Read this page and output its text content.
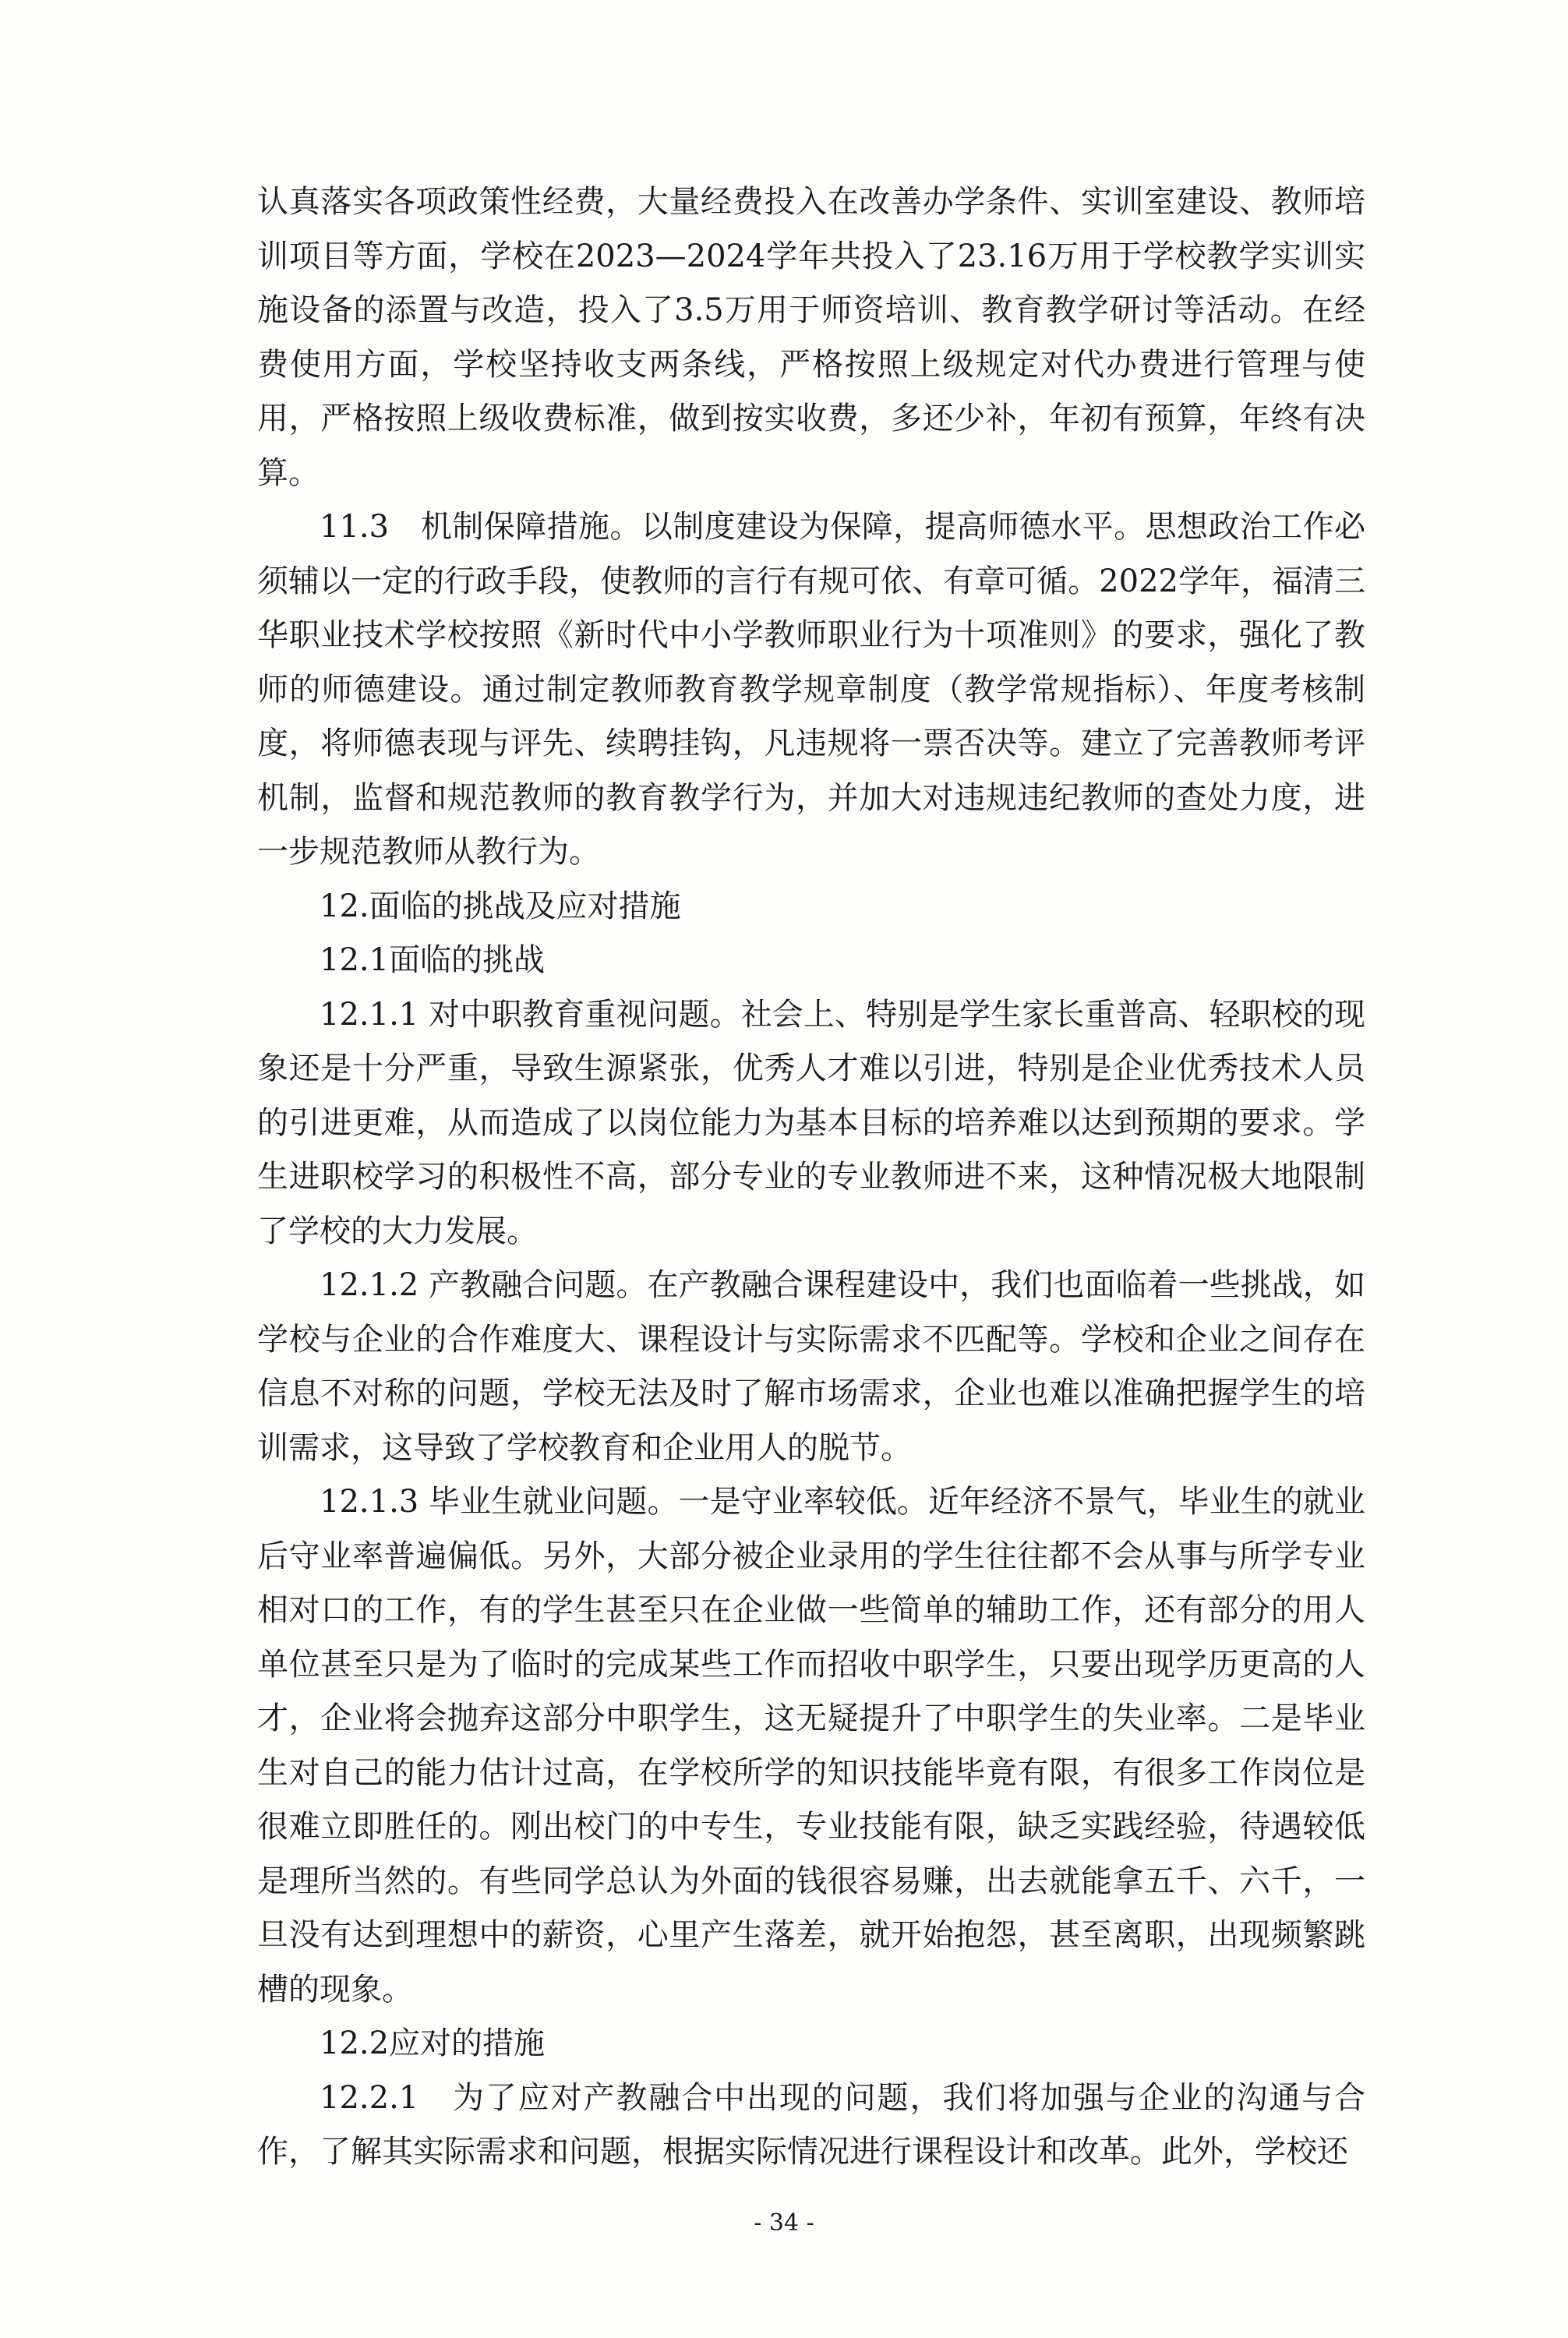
认真落实各项政策性经费，大量经费投入在改善办学条件、实训室建设、教师培训项目等方面，学校在2023—2024学年共投入了23.16万用于学校教学实训实施设备的添置与改造，投入了3.5万用于师资培训、教育教学研讨等活动。在经费使用方面，学校坚持收支两条线，严格按照上级规定对代办费进行管理与使用，严格按照上级收费标准，做到按实收费，多还少补，年初有预算，年终有决算。

11.3　机制保障措施。以制度建设为保障，提高师德水平。思想政治工作必须辅以一定的行政手段，使教师的言行有规可依、有章可循。2022学年，福清三华职业技术学校按照《新时代中小学教师职业行为十项准则》的要求，强化了教师的师德建设。通过制定教师教育教学规章制度（教学常规指标）、年度考核制度，将师德表现与评先、续聘挂钩，凡违规将一票否决等。建立了完善教师考评机制，监督和规范教师的教育教学行为，并加大对违规违纪教师的查处力度，进一步规范教师从教行为。

12.面临的挑战及应对措施

12.1面临的挑战

12.1.1 对中职教育重视问题。社会上、特别是学生家长重普高、轻职校的现象还是十分严重，导致生源紧张，优秀人才难以引进，特别是企业优秀技术人员的引进更难，从而造成了以岗位能力为基本目标的培养难以达到预期的要求。学生进职校学习的积极性不高，部分专业的专业教师进不来，这种情况极大地限制了学校的大力发展。

12.1.2 产教融合问题。在产教融合课程建设中，我们也面临着一些挑战，如学校与企业的合作难度大、课程设计与实际需求不匹配等。学校和企业之间存在信息不对称的问题，学校无法及时了解市场需求，企业也难以准确把握学生的培训需求，这导致了学校教育和企业用人的脱节。

12.1.3 毕业生就业问题。一是守业率较低。近年经济不景气，毕业生的就业后守业率普遍偏低。另外，大部分被企业录用的学生往往都不会从事与所学专业相对口的工作，有的学生甚至只在企业做一些简单的辅助工作，还有部分的用人单位甚至只是为了临时的完成某些工作而招收中职学生，只要出现学历更高的人才，企业将会抛弃这部分中职学生，这无疑提升了中职学生的失业率。二是毕业生对自己的能力估计过高，在学校所学的知识技能毕竟有限，有很多工作岗位是很难立即胜任的。刚出校门的中专生，专业技能有限，缺乏实践经验，待遇较低是理所当然的。有些同学总认为外面的钱很容易赚，出去就能拿五千、六千，一旦没有达到理想中的薪资，心里产生落差，就开始抱怨，甚至离职，出现频繁跳槽的现象。

12.2应对的措施

12.2.1　为了应对产教融合中出现的问题，我们将加强与企业的沟通与合作，了解其实际需求和问题，根据实际情况进行课程设计和改革。此外，学校还

- 34 -
